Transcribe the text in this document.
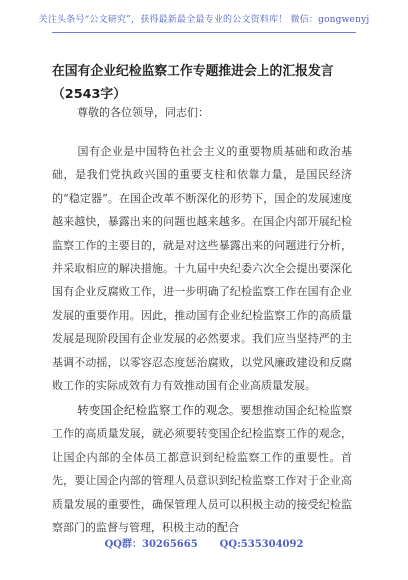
关注头条号“公文研究”，获得最新最全最专业的公文资料库！ 微信：gongwenyj
在国有企业纪检监察工作专题推进会上的汇报发言（2543字）
尊敬的各位领导，同志们：
国有企业是中国特色社会主义的重要物质基础和政治基础，是我们党执政兴国的重要支柱和依靠力量，是国民经济的“稳定器”。在国企改革不断深化的形势下，国企的发展速度越来越快，暴露出来的问题也越来越多。在国企内部开展纪检监察工作的主要目的，就是对这些暴露出来的问题进行分析，并采取相应的解决措施。十九届中央纪委六次全会提出要深化国有企业反腐败工作，进一步明确了纪检监察工作在国有企业发展的重要作用。因此，推动国有企业纪检监察工作的高质量发展是现阶段国有企业发展的必然要求。我们应当坚持严的主基调不动摇，以零容忍态度惩治腐败，以党风廉政建设和反腐败工作的实际成效有力有效推动国有企业高质量发展。
转变国企纪检监察工作的观念。要想推动国企纪检监察工作的高质量发展，就必须要转变国企纪检监察工作的观念，让国企内部的全体员工都意识到纪检监察工作的重要性。首先，要让国企内部的管理人员意识到纪检监察工作对于企业高质量发展的重要性，确保管理人员可以积极主动的接受纪检监察部门的监督与管理，积极主动的配合
QQ群：30265665 QQ:535304092
